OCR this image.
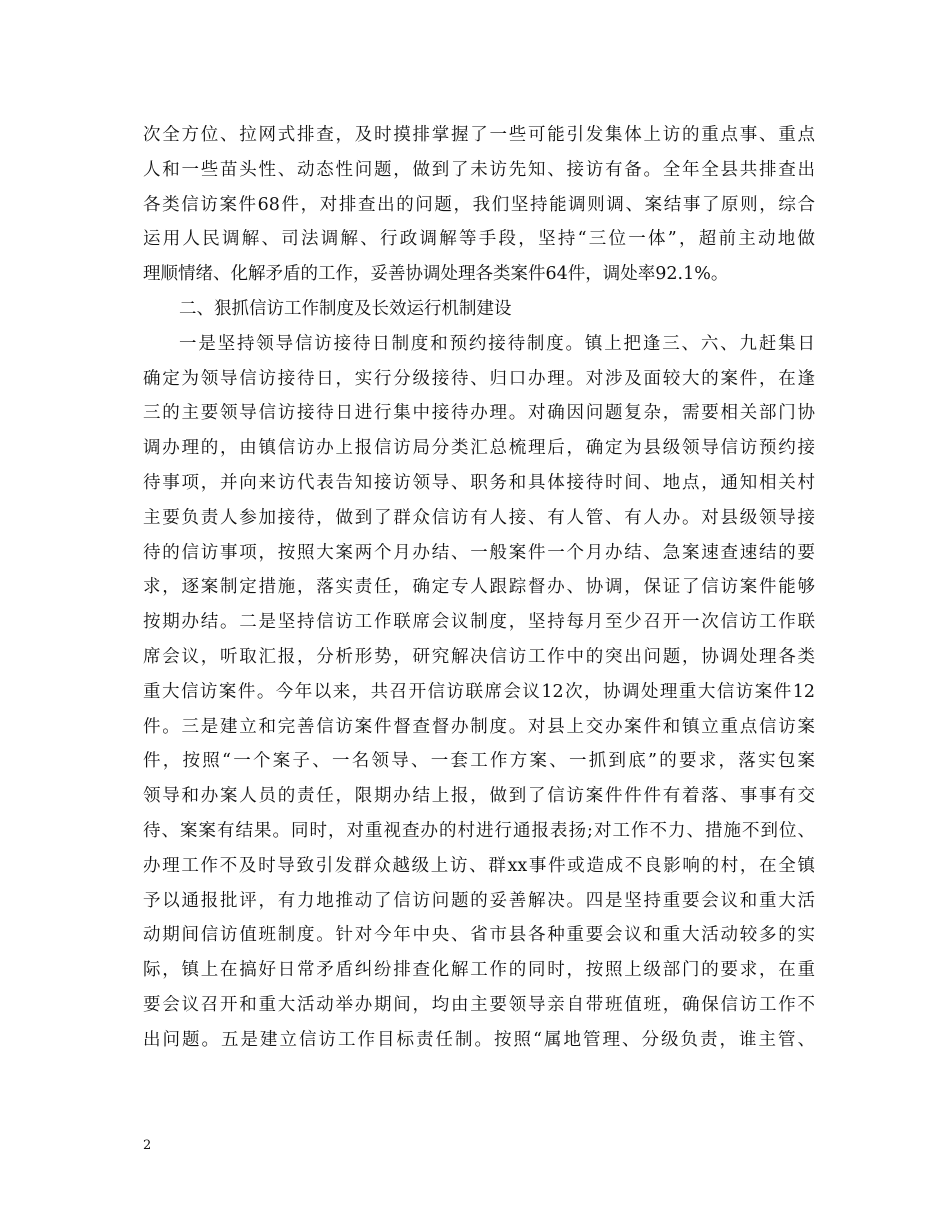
次全方位、拉网式排查，及时摸排掌握了一些可能引发集体上访的重点事、重点
人和一些苗头性、动态性问题，做到了未访先知、接访有备。全年全县共排查出
各类信访案件68件，对排查出的问题，我们坚持能调则调、案结事了原则，综合
运用人民调解、司法调解、行政调解等手段，坚持“三位一体”，超前主动地做
理顺情绪、化解矛盾的工作，妥善协调处理各类案件64件，调处率92.1%。
二、狠抓信访工作制度及长效运行机制建设
一是坚持领导信访接待日制度和预约接待制度。镇上把逢三、六、九赶集日
确定为领导信访接待日，实行分级接待、归口办理。对涉及面较大的案件，在逢
三的主要领导信访接待日进行集中接待办理。对确因问题复杂，需要相关部门协
调办理的，由镇信访办上报信访局分类汇总梳理后，确定为县级领导信访预约接
待事项，并向来访代表告知接访领导、职务和具体接待时间、地点，通知相关村
主要负责人参加接待，做到了群众信访有人接、有人管、有人办。对县级领导接
待的信访事项，按照大案两个月办结、一般案件一个月办结、急案速查速结的要
求，逐案制定措施，落实责任，确定专人跟踪督办、协调，保证了信访案件能够
按期办结。二是坚持信访工作联席会议制度，坚持每月至少召开一次信访工作联
席会议，听取汇报，分析形势，研究解决信访工作中的突出问题，协调处理各类
重大信访案件。今年以来，共召开信访联席会议12次，协调处理重大信访案件12
件。三是建立和完善信访案件督查督办制度。对县上交办案件和镇立重点信访案
件，按照“一个案子、一名领导、一套工作方案、一抓到底”的要求，落实包案
领导和办案人员的责任，限期办结上报，做到了信访案件件件有着落、事事有交
待、案案有结果。同时，对重视查办的村进行通报表扬;对工作不力、措施不到位、
办理工作不及时导致引发群众越级上访、群xx事件或造成不良影响的村，在全镇
予以通报批评，有力地推动了信访问题的妥善解决。四是坚持重要会议和重大活
动期间信访值班制度。针对今年中央、省市县各种重要会议和重大活动较多的实
际，镇上在搞好日常矛盾纠纷排查化解工作的同时，按照上级部门的要求，在重
要会议召开和重大活动举办期间，均由主要领导亲自带班值班，确保信访工作不
出问题。五是建立信访工作目标责任制。按照“属地管理、分级负责，谁主管、
2
